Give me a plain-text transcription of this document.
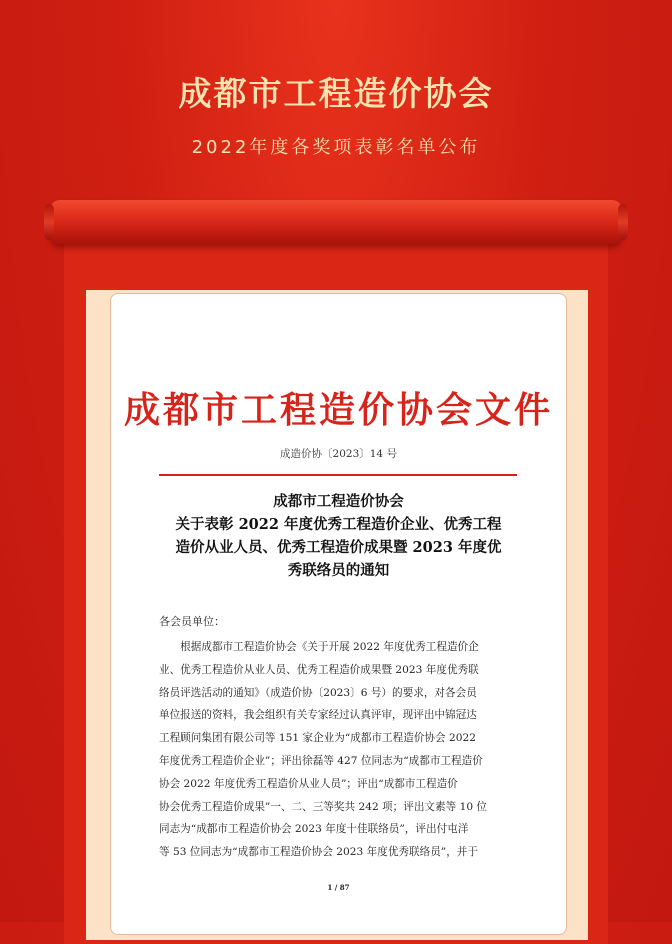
成都市工程造价协会
2022年度各奖项表彰名单公布
成都市工程造价协会文件
成造价协〔2023〕14 号
成都市工程造价协会
关于表彰 2022 年度优秀工程造价企业、优秀工程
造价从业人员、优秀工程造价成果暨 2023 年度优
秀联络员的通知
各会员单位：
　　根据成都市工程造价协会《关于开展 2022 年度优秀工程造价企
业、优秀工程造价从业人员、优秀工程造价成果暨 2023 年度优秀联
络员评选活动的通知》（成造价协〔2023〕6 号）的要求，对各会员
单位报送的资料，我会组织有关专家经过认真评审，现评出中锦冠达
工程顾问集团有限公司等 151 家企业为“成都市工程造价协会 2022
年度优秀工程造价企业”；评出徐磊等 427 位同志为“成都市工程造价
协会 2022 年度优秀工程造价从业人员”；评出“成都市工程造价
协会优秀工程造价成果”一、二、三等奖共 242 项；评出文素等 10 位
同志为“成都市工程造价协会 2023 年度十佳联络员”，评出付屯洋
等 53 位同志为“成都市工程造价协会 2023 年度优秀联络员”，并于
1 / 87
